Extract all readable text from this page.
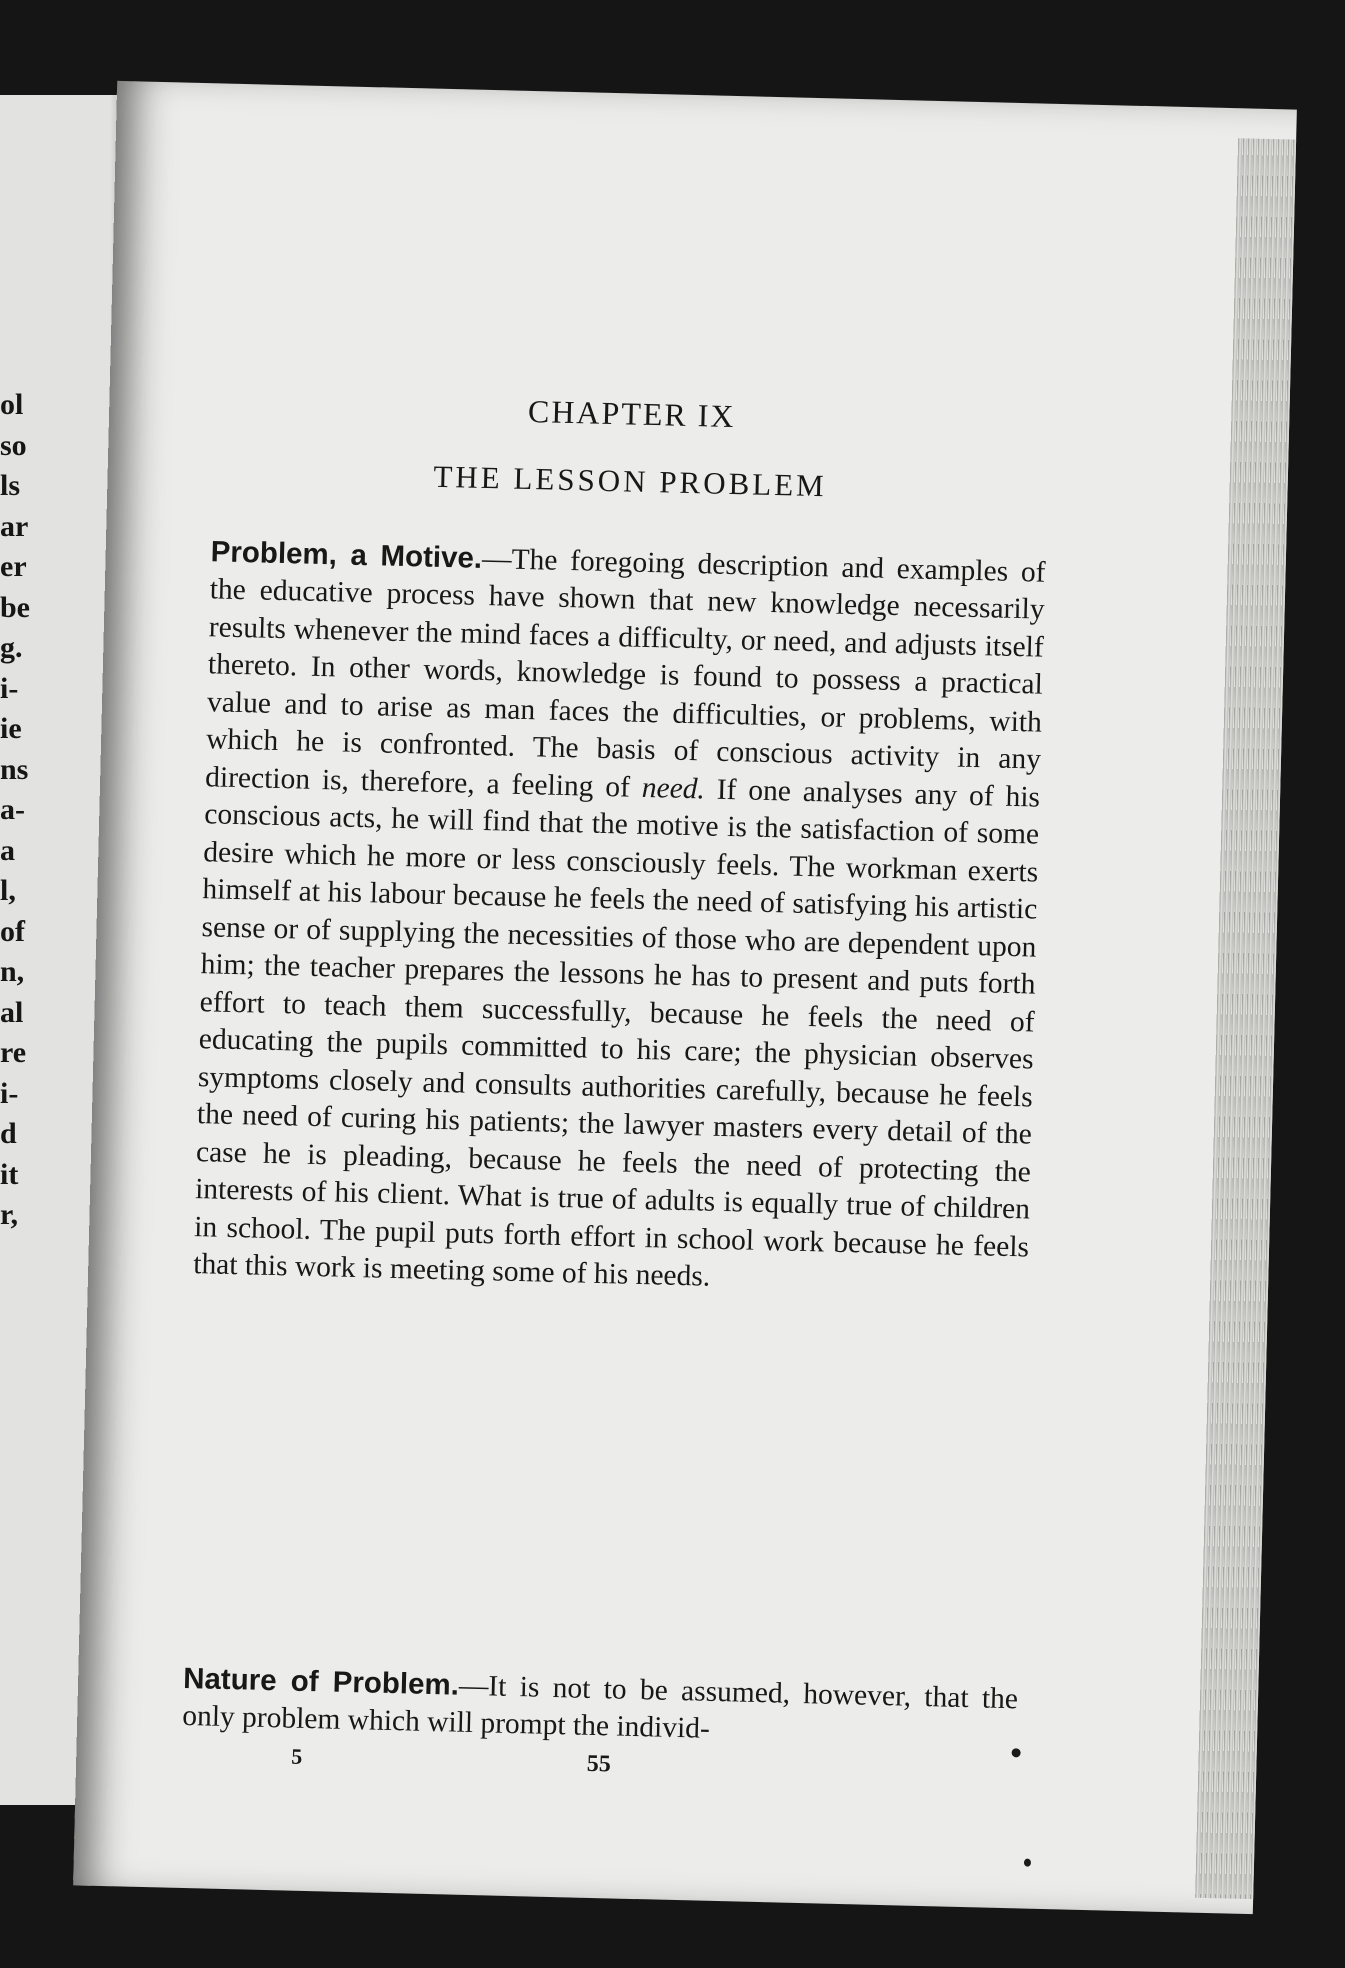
ol
so
ls
ar
er
be
g.
i-
ie
ns
a-
a
l,
of
n,
al
re
i-
d
it
r,
CHAPTER IX
THE LESSON PROBLEM

Problem, a Motive.—The foregoing description and examples of the educative process have shown that new knowledge necessarily results whenever the mind faces a difficulty, or need, and adjusts itself thereto. In other words, knowledge is found to possess a practical value and to arise as man faces the difficulties, or problems, with which he is confronted. The basis of conscious activity in any direction is, therefore, a feeling of need. If one analyses any of his conscious acts, he will find that the motive is the satisfaction of some desire which he more or less consciously feels. The workman exerts himself at his labour because he feels the need of satisfying his artistic sense or of supplying the necessities of those who are dependent upon him; the teacher prepares the lessons he has to present and puts forth effort to teach them successfully, because he feels the need of educating the pupils committed to his care; the physician observes symptoms closely and consults authorities carefully, because he feels the need of curing his patients; the lawyer masters every detail of the case he is pleading, because he feels the need of protecting the interests of his client. What is true of adults is equally true of children in school. The pupil puts forth effort in school work because he feels that this work is meeting some of his needs.

Nature of Problem.—It is not to be assumed, however, that the only problem which will prompt the individ-

5	55
